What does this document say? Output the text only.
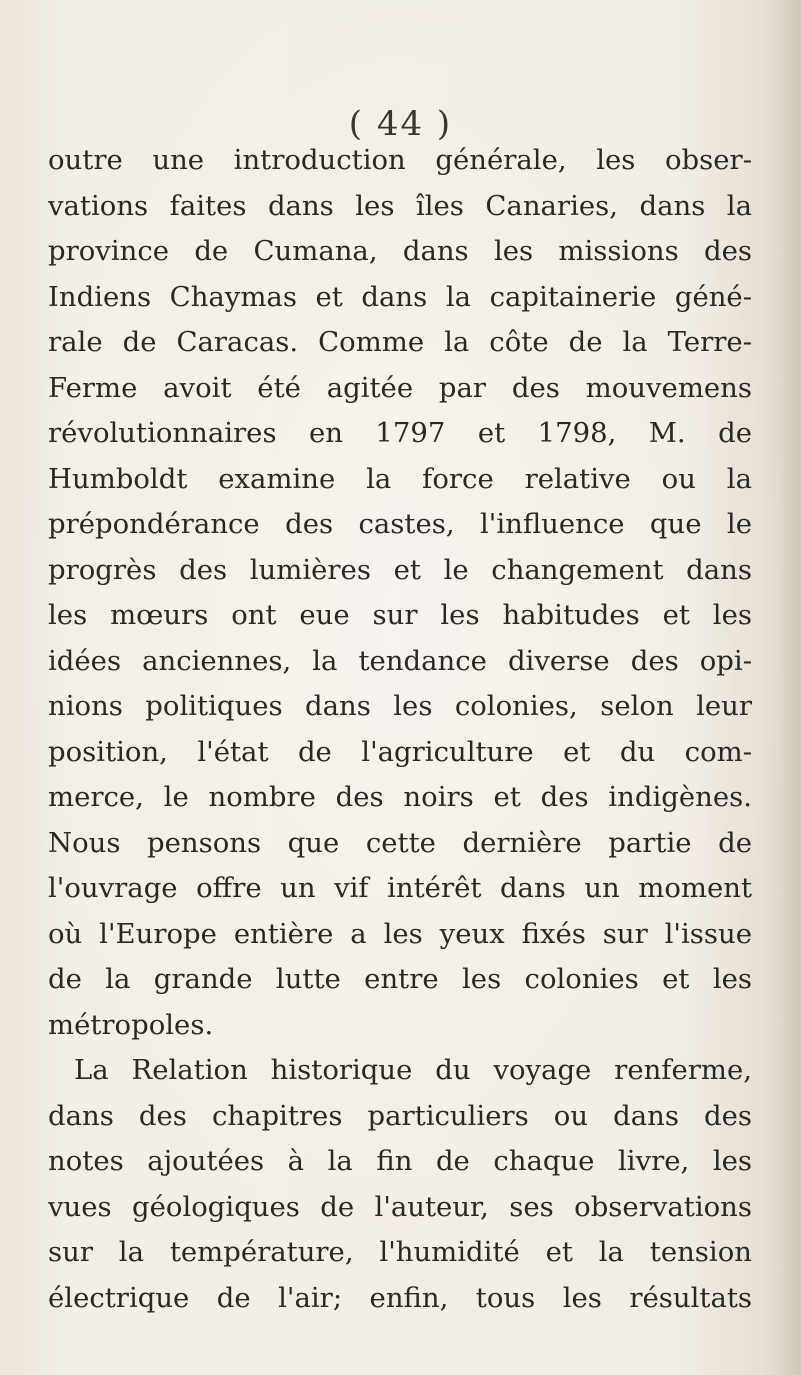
( 44 )
outre une introduction générale, les obser-
vations faites dans les îles Canaries, dans la
province de Cumana, dans les missions des
Indiens Chaymas et dans la capitainerie géné-
rale de Caracas. Comme la côte de la Terre-
Ferme avoit été agitée par des mouvemens
révolutionnaires en 1797 et 1798, M. de
Humboldt examine la force relative ou la
prépondérance des castes, l'influence que le
progrès des lumières et le changement dans
les mœurs ont eue sur les habitudes et les
idées anciennes, la tendance diverse des opi-
nions politiques dans les colonies, selon leur
position, l'état de l'agriculture et du com-
merce, le nombre des noirs et des indigènes.
Nous pensons que cette dernière partie de
l'ouvrage offre un vif intérêt dans un moment
où l'Europe entière a les yeux fixés sur l'issue
de la grande lutte entre les colonies et les
métropoles.
La Relation historique du voyage renferme,
dans des chapitres particuliers ou dans des
notes ajoutées à la fin de chaque livre, les
vues géologiques de l'auteur, ses observations
sur la température, l'humidité et la tension
électrique de l'air; enfin, tous les résultats
